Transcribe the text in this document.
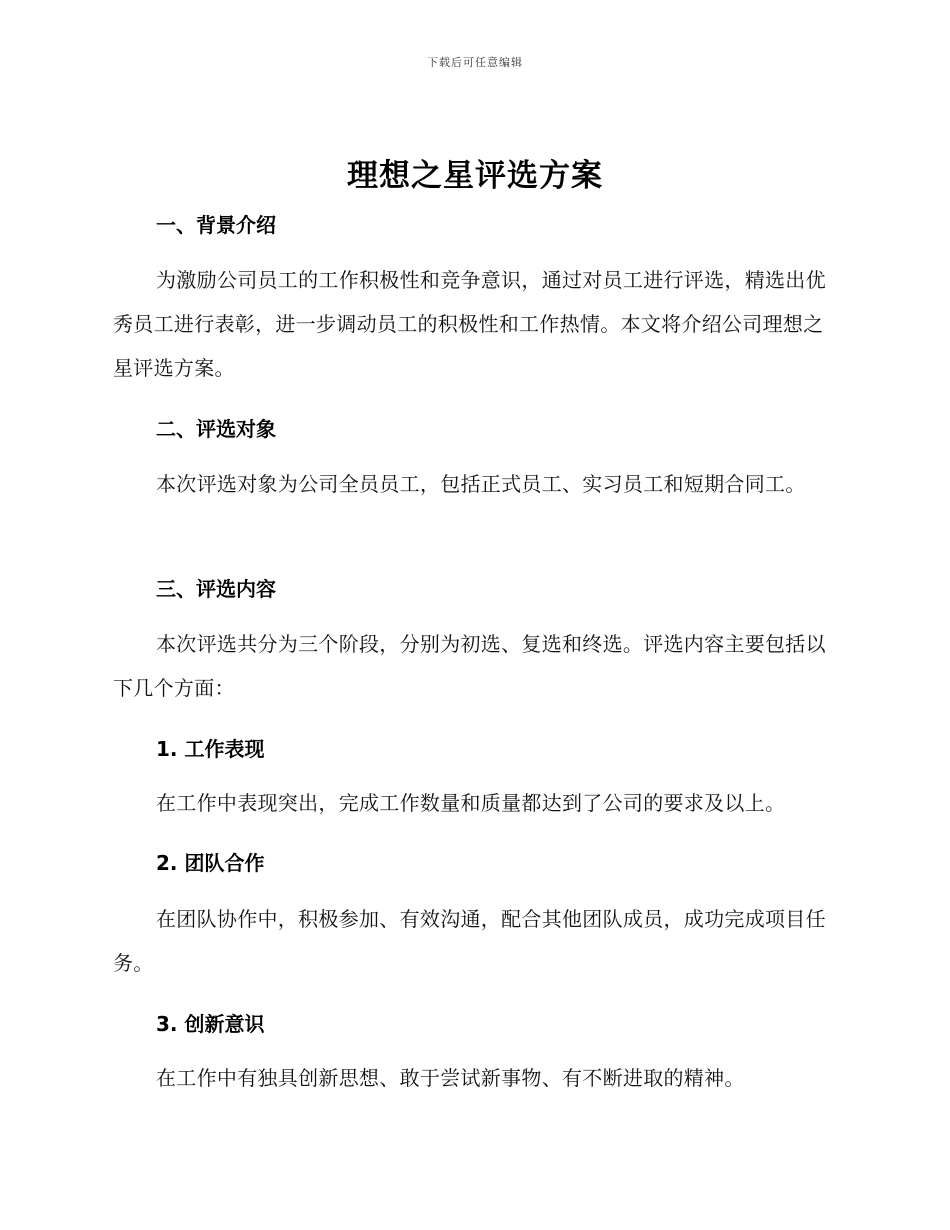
下载后可任意编辑
理想之星评选方案
一、背景介绍

为激励公司员工的工作积极性和竞争意识，通过对员工进行评选，精选出优秀员工进行表彰，进一步调动员工的积极性和工作热情。本文将介绍公司理想之星评选方案。

二、评选对象

本次评选对象为公司全员员工，包括正式员工、实习员工和短期合同工。

三、评选内容

本次评选共分为三个阶段，分别为初选、复选和终选。评选内容主要包括以下几个方面：

1. 工作表现

在工作中表现突出，完成工作数量和质量都达到了公司的要求及以上。

2. 团队合作

在团队协作中，积极参加、有效沟通，配合其他团队成员，成功完成项目任务。

3. 创新意识

在工作中有独具创新思想、敢于尝试新事物、有不断进取的精神。
